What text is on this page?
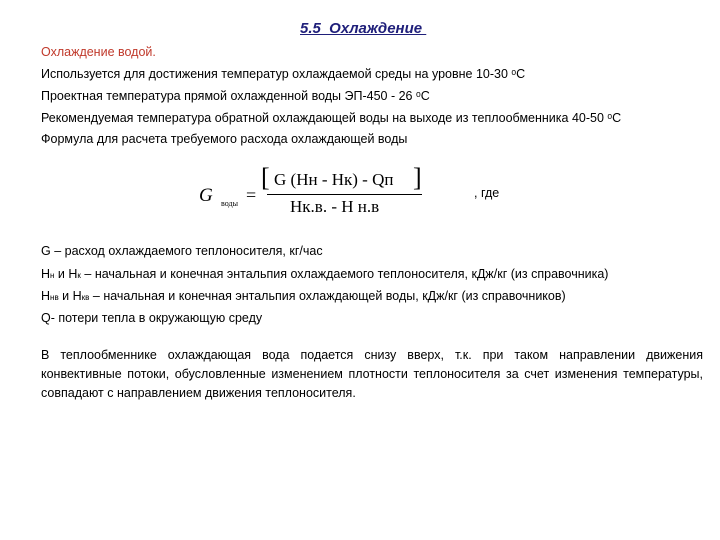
5.5  Охлаждение
Охлаждение водой.
Используется для достижения температур охлаждаемой среды на уровне 10-30 ᵒС
Проектная температура прямой охлажденной воды ЭП-450 - 26 ᵒС
Рекомендуемая температура обратной охлаждающей воды на выходе из теплообменника 40-50 ᵒС
Формула для расчета требуемого расхода охлаждающей воды
G воды =
[ G (Нн - Нк) - Qп ]
Нк.в. - Н н.в
, где
G – расход охлаждаемого теплоносителя, кг/час
Нн и Нк – начальная и конечная энтальпия охлаждаемого теплоносителя, кДж/кг (из справочника)
Ннв и Нкв – начальная и конечная энтальпия охлаждающей воды, кДж/кг (из справочников)
Q- потери тепла в окружающую среду
В теплообменнике охлаждающая вода подается снизу вверх, т.к. при таком направлении движения конвективные потоки, обусловленные изменением плотности теплоносителя за счет изменения температуры, совпадают с направлением движения теплоносителя.
